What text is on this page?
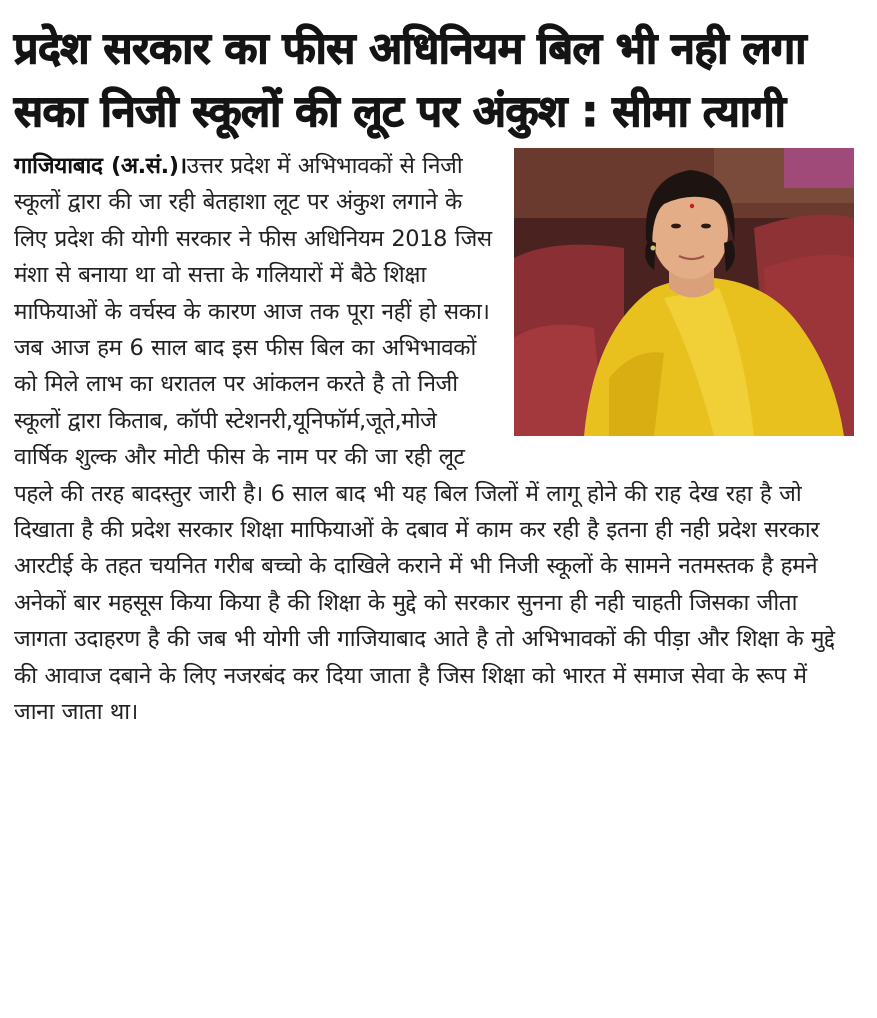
प्रदेश सरकार का फीस अधिनियम बिल भी नही लगा सका निजी स्कूलों की लूट पर अंकुश : सीमा त्यागी

गाजियाबाद (अ.सं.)।उत्तर प्रदेश में अभिभावकों से निजी स्कूलों द्वारा की जा रही बेतहाशा लूट पर अंकुश लगाने के लिए प्रदेश की योगी सरकार ने फीस अधिनियम 2018 जिस मंशा से बनाया था वो सत्ता के गलियारों में बैठे शिक्षा माफियाओं के वर्चस्व के कारण आज तक पूरा नहीं हो सका। जब आज हम 6 साल बाद इस फीस बिल का अभिभावकों को मिले लाभ का धरातल पर आंकलन करते है तो निजी स्कूलों द्वारा किताब, कॉपी स्टेशनरी,यूनिफॉर्म,जूते,मोजे वार्षिक शुल्क और मोटी फीस के नाम पर की जा रही लूट पहले की तरह बादस्तुर जारी है। 6 साल बाद भी यह बिल जिलों में लागू होने की राह देख रहा है जो दिखाता है की प्रदेश सरकार शिक्षा माफियाओं के दबाव में काम कर रही है इतना ही नही प्रदेश सरकार आरटीई के तहत चयनित गरीब बच्चो के दाखिले कराने में भी निजी स्कूलों के सामने नतमस्तक है हमने अनेकों बार महसूस किया किया है की शिक्षा के मुद्दे को सरकार सुनना ही नही चाहती जिसका जीता जागता उदाहरण है की जब भी योगी जी गाजियाबाद आते है तो अभिभावकों की पीड़ा और शिक्षा के मुद्दे की आवाज दबाने के लिए नजरबंद कर दिया जाता है जिस शिक्षा को भारत में समाज सेवा के रूप में जाना जाता था।
